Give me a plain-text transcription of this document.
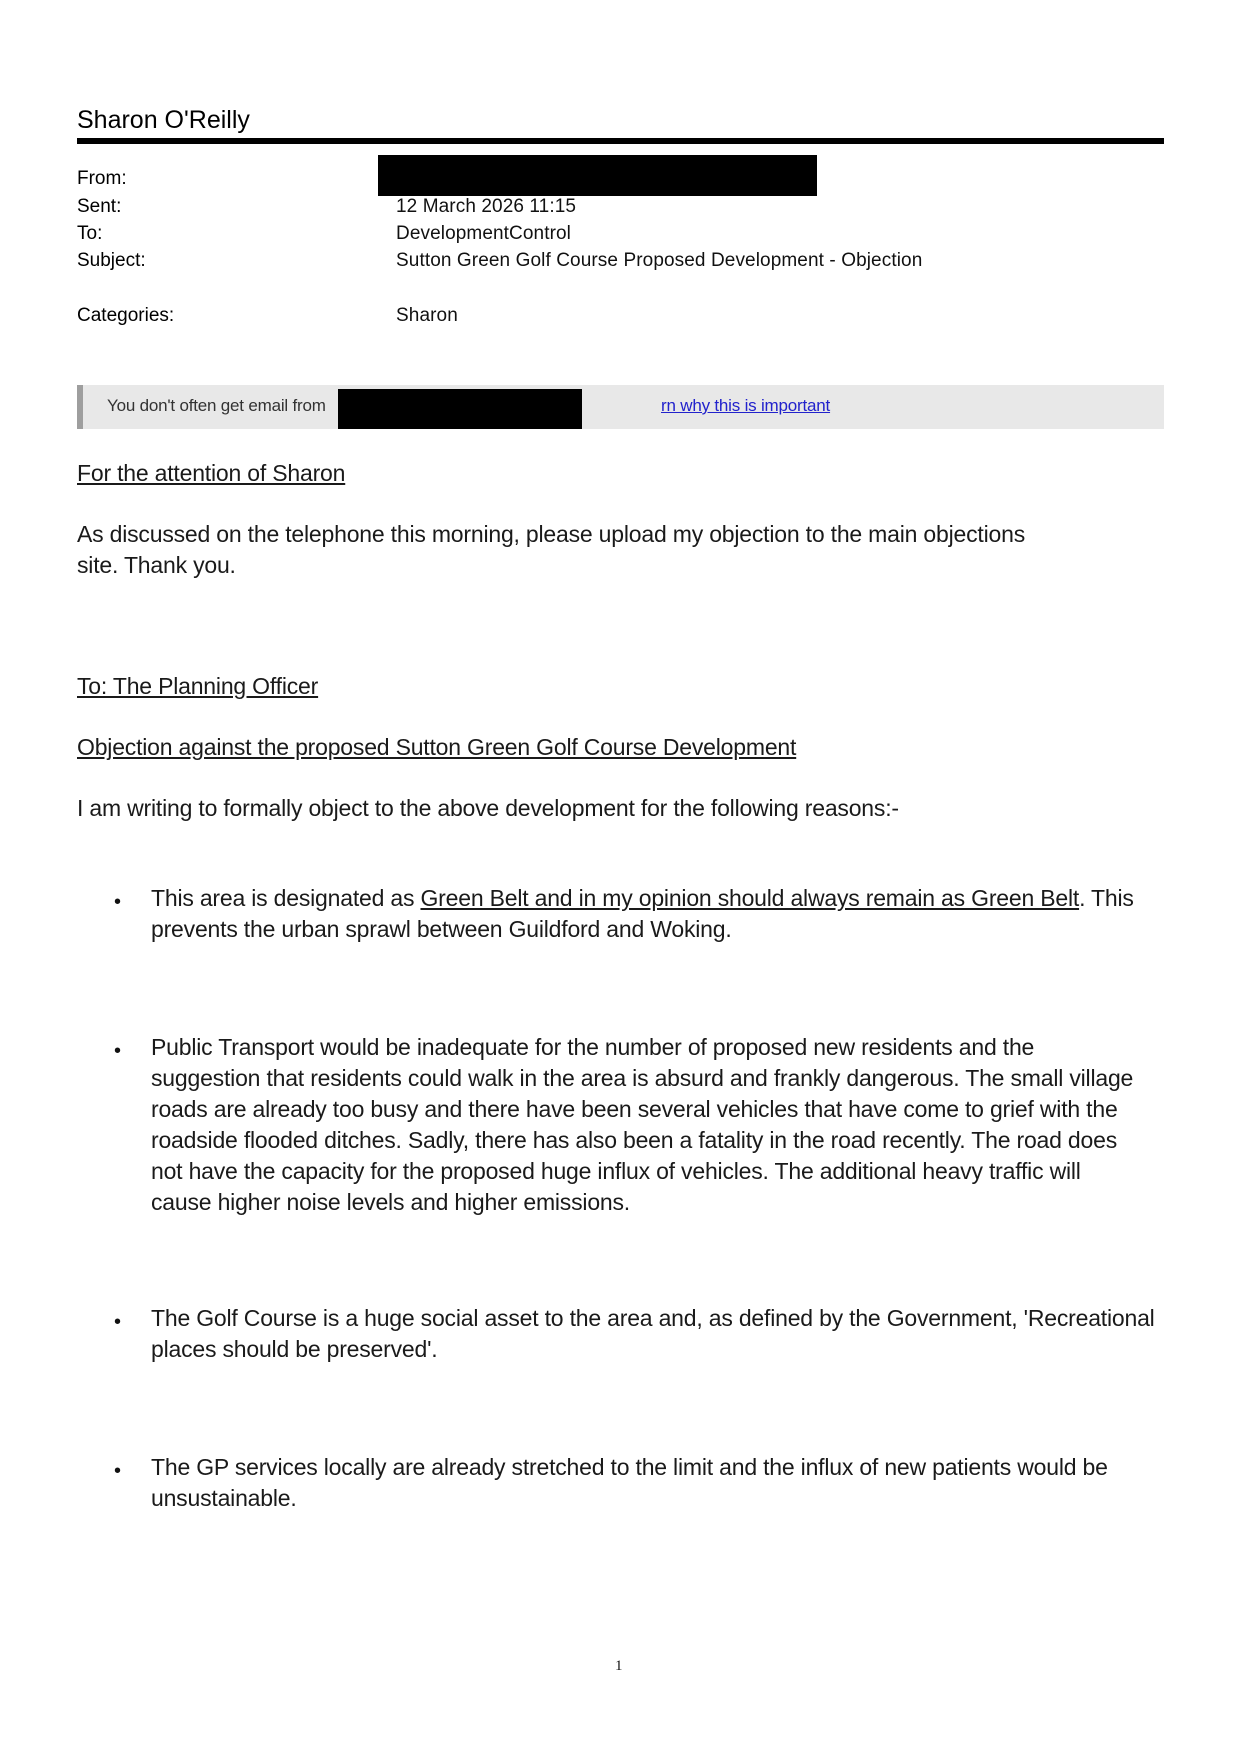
Sharon O'Reilly
From:
Sent:	12 March 2026 11:15
To:	DevelopmentControl
Subject:	Sutton Green Golf Course Proposed Development - Objection
Categories:	Sharon
You don't often get email from	rn why this is important
For the attention of Sharon
As discussed on the telephone this morning, please upload my objection to the main objections
site. Thank you.
To: The Planning Officer
Objection against the proposed Sutton Green Golf Course Development
I am writing to formally object to the above development for the following reasons:-
• This area is designated as Green Belt and in my opinion should always remain as Green Belt. This
prevents the urban sprawl between Guildford and Woking.
• Public Transport would be inadequate for the number of proposed new residents and the
suggestion that residents could walk in the area is absurd and frankly dangerous. The small village
roads are already too busy and there have been several vehicles that have come to grief with the
roadside flooded ditches. Sadly, there has also been a fatality in the road recently. The road does
not have the capacity for the proposed huge influx of vehicles. The additional heavy traffic will
cause higher noise levels and higher emissions.
• The Golf Course is a huge social asset to the area and, as defined by the Government, 'Recreational
places should be preserved'.
• The GP services locally are already stretched to the limit and the influx of new patients would be
unsustainable.
1
